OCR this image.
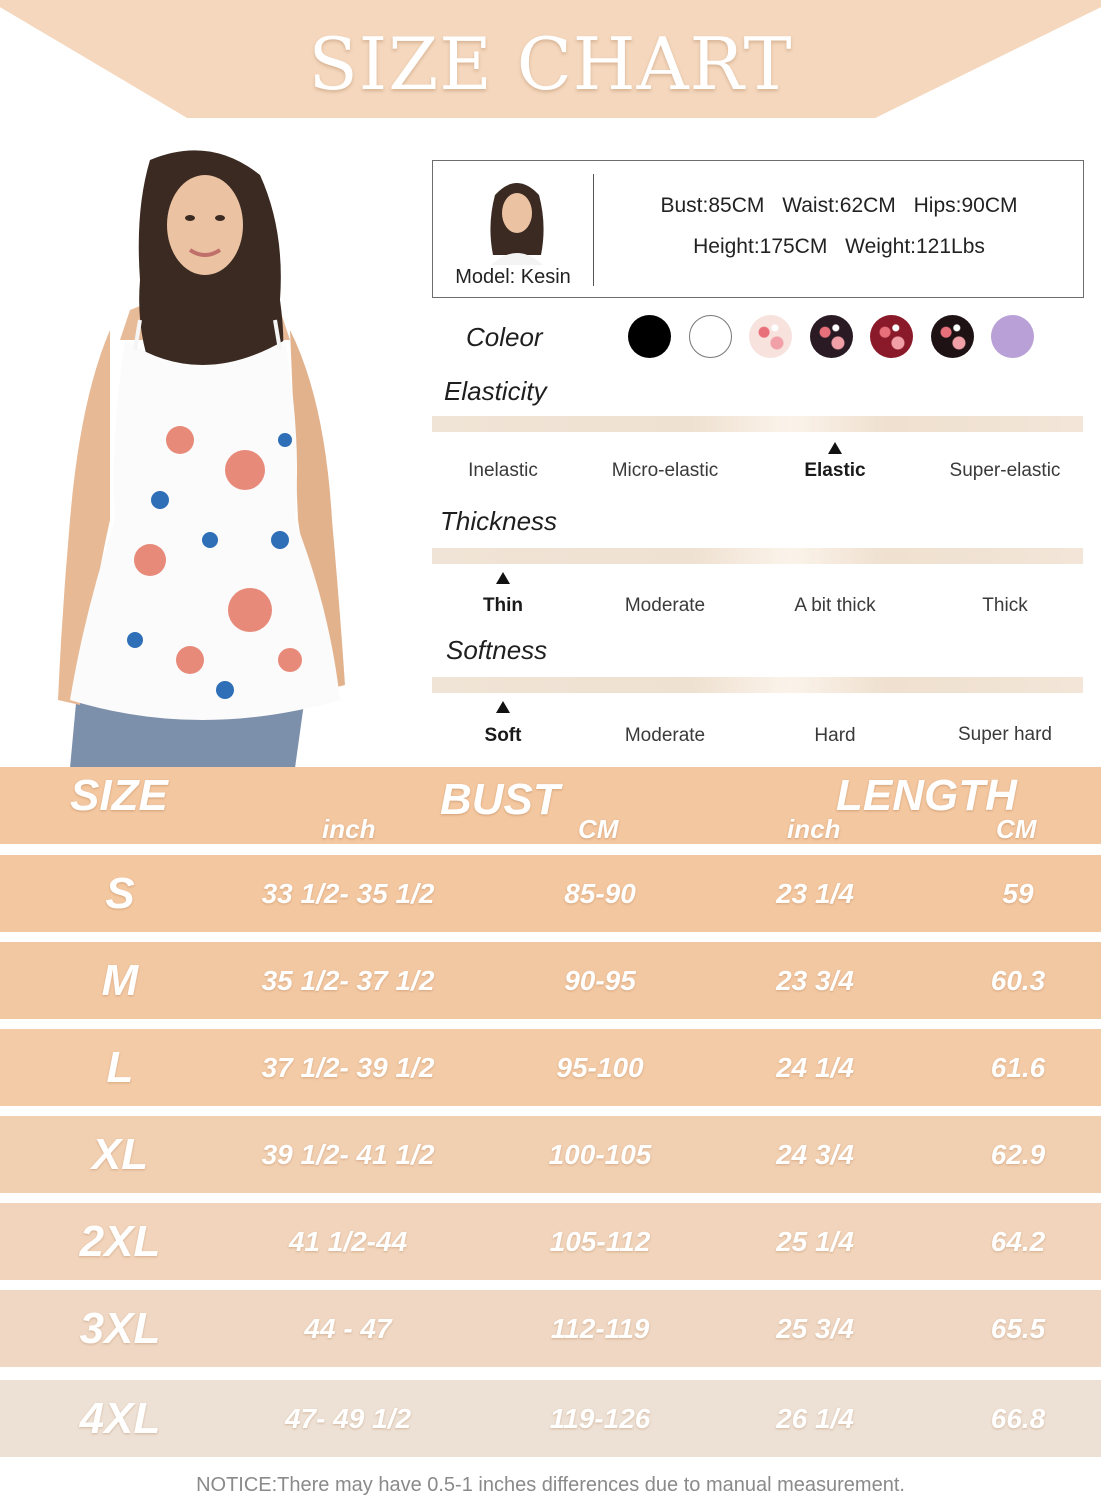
SIZE CHART
Model: Kesin
Bust:85CM Waist:62CM Hips:90CM
Height:175CM Weight:121Lbs
Coleor
Elasticity
Inelastic	Micro-elastic	Elastic	Super-elastic
Thickness
Thin	Moderate	A bit thick	Thick
Softness
Soft	Moderate	Hard	Super hard
SIZE	BUST	LENGTH
inch	CM	inch	CM
S	33 1/2- 35 1/2	85-90	23 1/4	59
M	35 1/2- 37 1/2	90-95	23 3/4	60.3
L	37 1/2- 39 1/2	95-100	24 1/4	61.6
XL	39 1/2- 41 1/2	100-105	24 3/4	62.9
2XL	41 1/2-44	105-112	25 1/4	64.2
3XL	44 - 47	112-119	25 3/4	65.5
4XL	47- 49 1/2	119-126	26 1/4	66.8
NOTICE:There may have 0.5-1 inches differences due to manual measurement.
